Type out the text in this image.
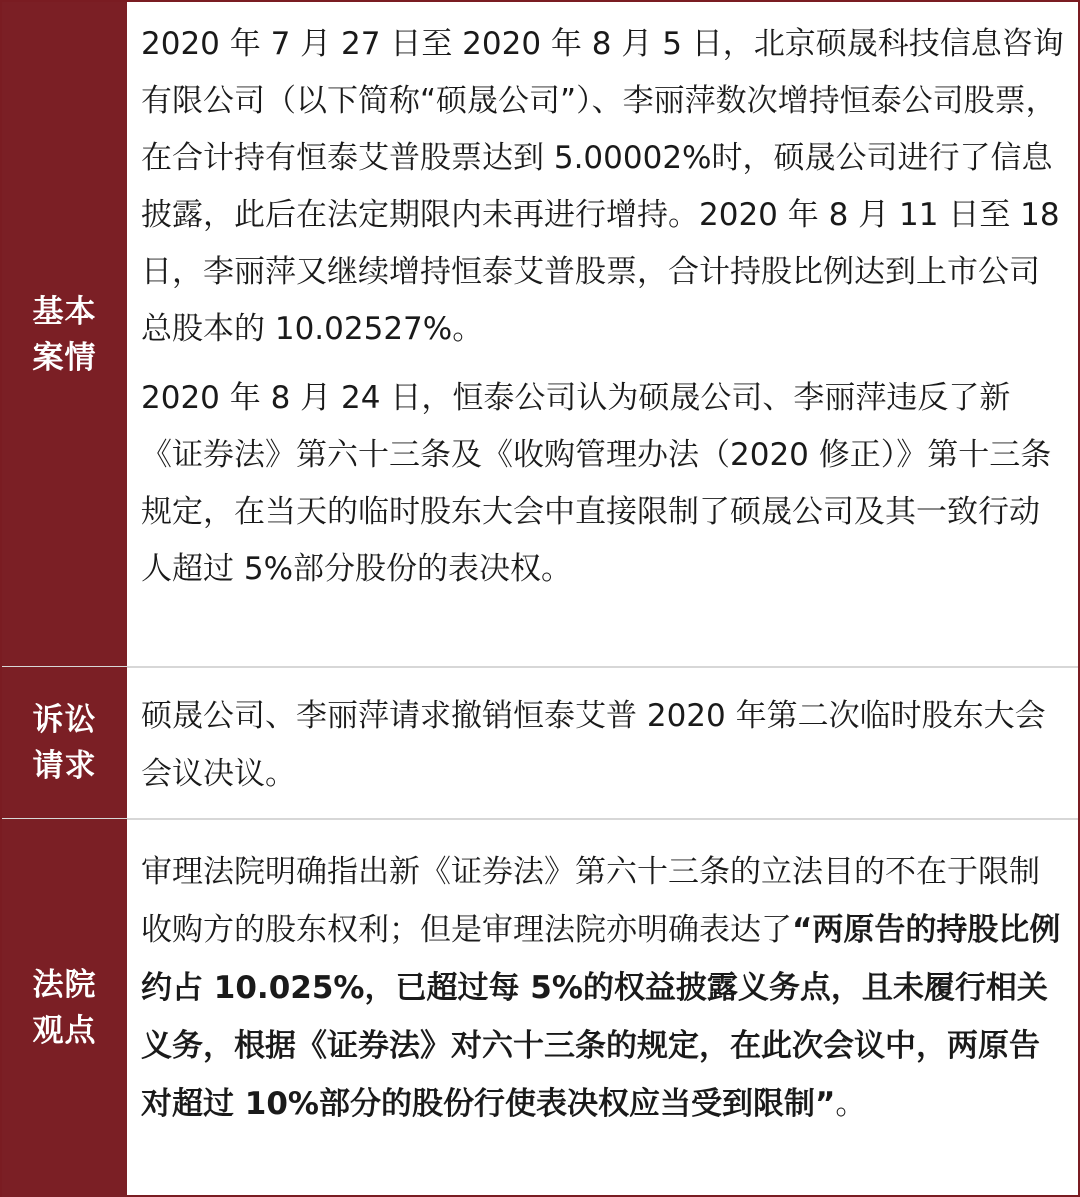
基本案情

2020 年 7 月 27 日至 2020 年 8 月 5 日，北京硕晟科技信息咨询有限公司（以下简称“硕晟公司”）、李丽萍数次增持恒泰公司股票，在合计持有恒泰艾普股票达到 5.00002%时，硕晟公司进行了信息披露，此后在法定期限内未再进行增持。2020 年 8 月 11 日至 18 日，李丽萍又继续增持恒泰艾普股票，合计持股比例达到上市公司总股本的 10.02527%。

2020 年 8 月 24 日，恒泰公司认为硕晟公司、李丽萍违反了新《证券法》第六十三条及《收购管理办法（2020 修正）》第十三条规定，在当天的临时股东大会中直接限制了硕晟公司及其一致行动人超过 5%部分股份的表决权。

诉讼请求

硕晟公司、李丽萍请求撤销恒泰艾普 2020 年第二次临时股东大会会议决议。

法院观点

审理法院明确指出新《证券法》第六十三条的立法目的不在于限制收购方的股东权利；但是审理法院亦明确表达了“两原告的持股比例约占 10.025%，已超过每 5%的权益披露义务点，且未履行相关义务，根据《证券法》对六十三条的规定，在此次会议中，两原告对超过 10%部分的股份行使表决权应当受到限制”。
